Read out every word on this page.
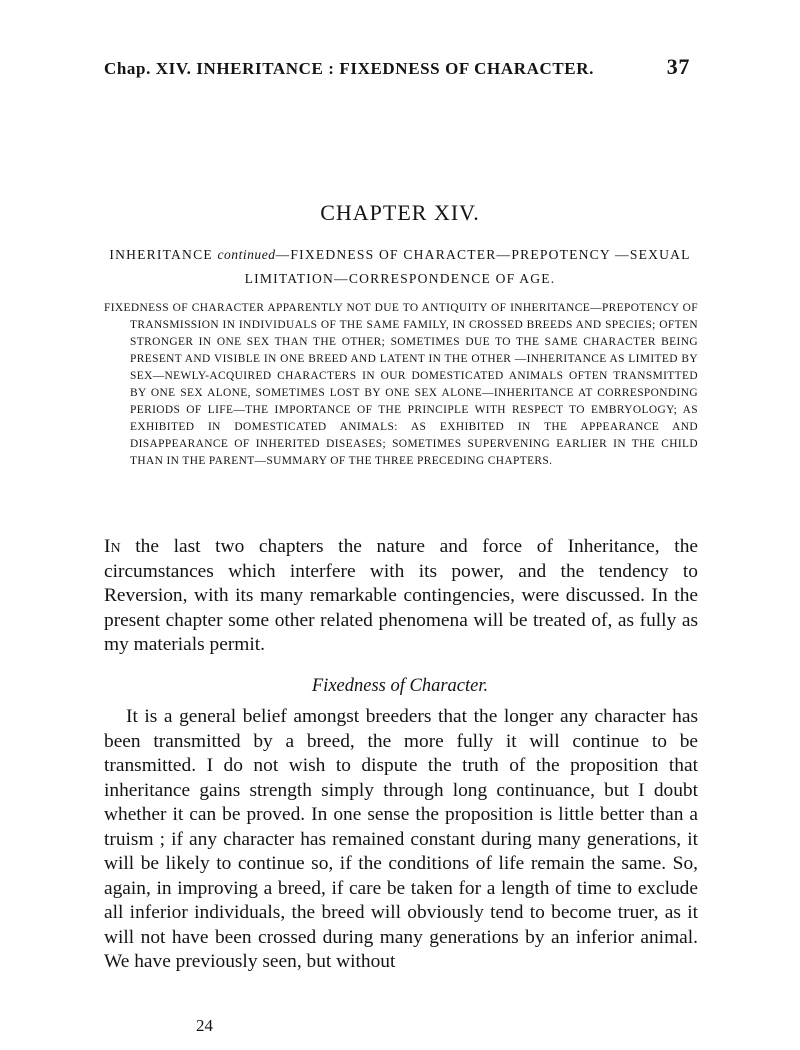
Chap. XIV. INHERITANCE : FIXEDNESS OF CHARACTER.	37
CHAPTER XIV.
INHERITANCE continued—FIXEDNESS OF CHARACTER—PREPOTENCY —SEXUAL LIMITATION—CORRESPONDENCE OF AGE.
FIXEDNESS OF CHARACTER APPARENTLY NOT DUE TO ANTIQUITY OF INHERITANCE—PREPOTENCY OF TRANSMISSION IN INDIVIDUALS OF THE SAME FAMILY, IN CROSSED BREEDS AND SPECIES; OFTEN STRONGER IN ONE SEX THAN THE OTHER; SOMETIMES DUE TO THE SAME CHARACTER BEING PRESENT AND VISIBLE IN ONE BREED AND LATENT IN THE OTHER —INHERITANCE AS LIMITED BY SEX—NEWLY-ACQUIRED CHARACTERS IN OUR DOMESTICATED ANIMALS OFTEN TRANSMITTED BY ONE SEX ALONE, SOMETIMES LOST BY ONE SEX ALONE—INHERITANCE AT CORRESPONDING PERIODS OF LIFE—THE IMPORTANCE OF THE PRINCIPLE WITH RESPECT TO EMBRYOLOGY; AS EXHIBITED IN DOMESTICATED ANIMALS: AS EXHIBITED IN THE APPEARANCE AND DISAPPEARANCE OF INHERITED DISEASES; SOMETIMES SUPERVENING EARLIER IN THE CHILD THAN IN THE PARENT—SUMMARY OF THE THREE PRECEDING CHAPTERS.
In the last two chapters the nature and force of Inheritance, the circumstances which interfere with its power, and the tendency to Reversion, with its many remarkable contingencies, were discussed. In the present chapter some other related phenomena will be treated of, as fully as my materials permit.
Fixedness of Character.
It is a general belief amongst breeders that the longer any character has been transmitted by a breed, the more fully it will continue to be transmitted. I do not wish to dispute the truth of the proposition that inheritance gains strength simply through long continuance, but I doubt whether it can be proved. In one sense the proposition is little better than a truism ; if any character has remained constant during many generations, it will be likely to continue so, if the conditions of life remain the same. So, again, in improving a breed, if care be taken for a length of time to exclude all inferior individuals, the breed will obviously tend to become truer, as it will not have been crossed during many generations by an inferior animal. We have previously seen, but without
24
